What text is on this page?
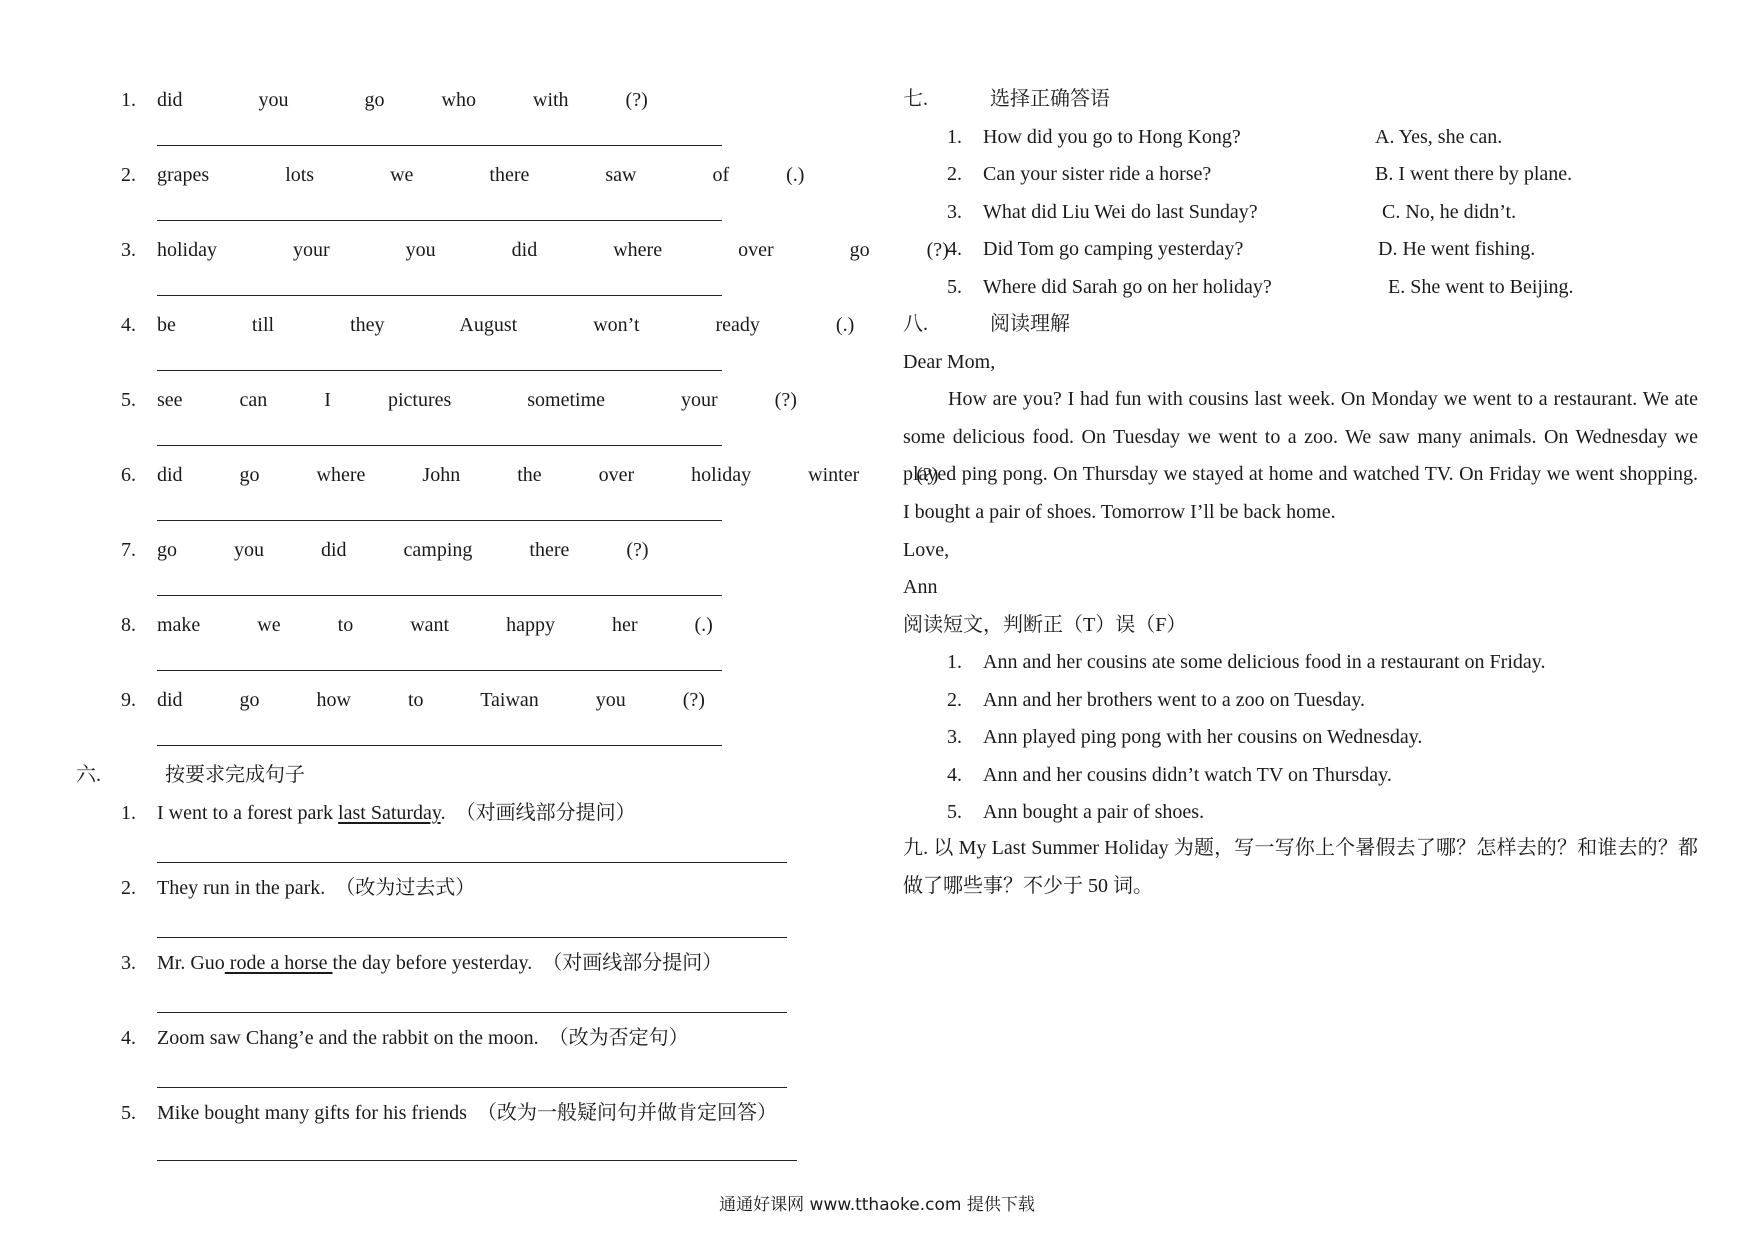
1. did    you    go   who   with   (?)
2. grapes    lots    we    there    saw    of   (.)
3. holiday    your    you    did    where    over    go   (?)
4. be    till    they    August    won’t    ready    (.)
5. see   can   I   pictures    sometime    your   (?)
6. did   go   where   John   the   over   holiday   winter   (?)
7. go   you   did   camping   there   (?)
8. make   we   to   want   happy   her   (.)
9. did   go   how   to   Taiwan   you   (?)
六.	按要求完成句子
1. I went to a forest park last Saturday.  （对画线部分提问）
2. They run in the park.  （改为过去式）
3. Mr. Guo rode a horse the day before yesterday.  （对画线部分提问）
4. Zoom saw Chang’e and the rabbit on the moon.  （改为否定句）
5. Mike bought many gifts for his friends  （改为一般疑问句并做肯定回答）
七.	选择正确答语
1. How did you go to Hong Kong?	A. Yes, she can.
2. Can your sister ride a horse?	B. I went there by plane.
3. What did Liu Wei do last Sunday?	C. No, he didn’t.
4. Did Tom go camping yesterday?	D. He went fishing.
5. Where did Sarah go on her holiday?	E. She went to Beijing.
八.	阅读理解
Dear Mom,
How are you? I had fun with cousins last week. On Monday we went to a restaurant. We ate some delicious food. On Tuesday we went to a zoo. We saw many animals. On Wednesday we played ping pong. On Thursday we stayed at home and watched TV. On Friday we went shopping. I bought a pair of shoes. Tomorrow I’ll be back home.
Love,
Ann
阅读短文，判断正（T）误（F）
1. Ann and her cousins ate some delicious food in a restaurant on Friday.
2. Ann and her brothers went to a zoo on Tuesday.
3. Ann played ping pong with her cousins on Wednesday.
4. Ann and her cousins didn’t watch TV on Thursday.
5. Ann bought a pair of shoes.
九. 以 My Last Summer Holiday 为题，写一写你上个暑假去了哪？怎样去的？和谁去的？都做了哪些事？不少于 50 词。
通通好课网 www.tthaoke.com 提供下载
